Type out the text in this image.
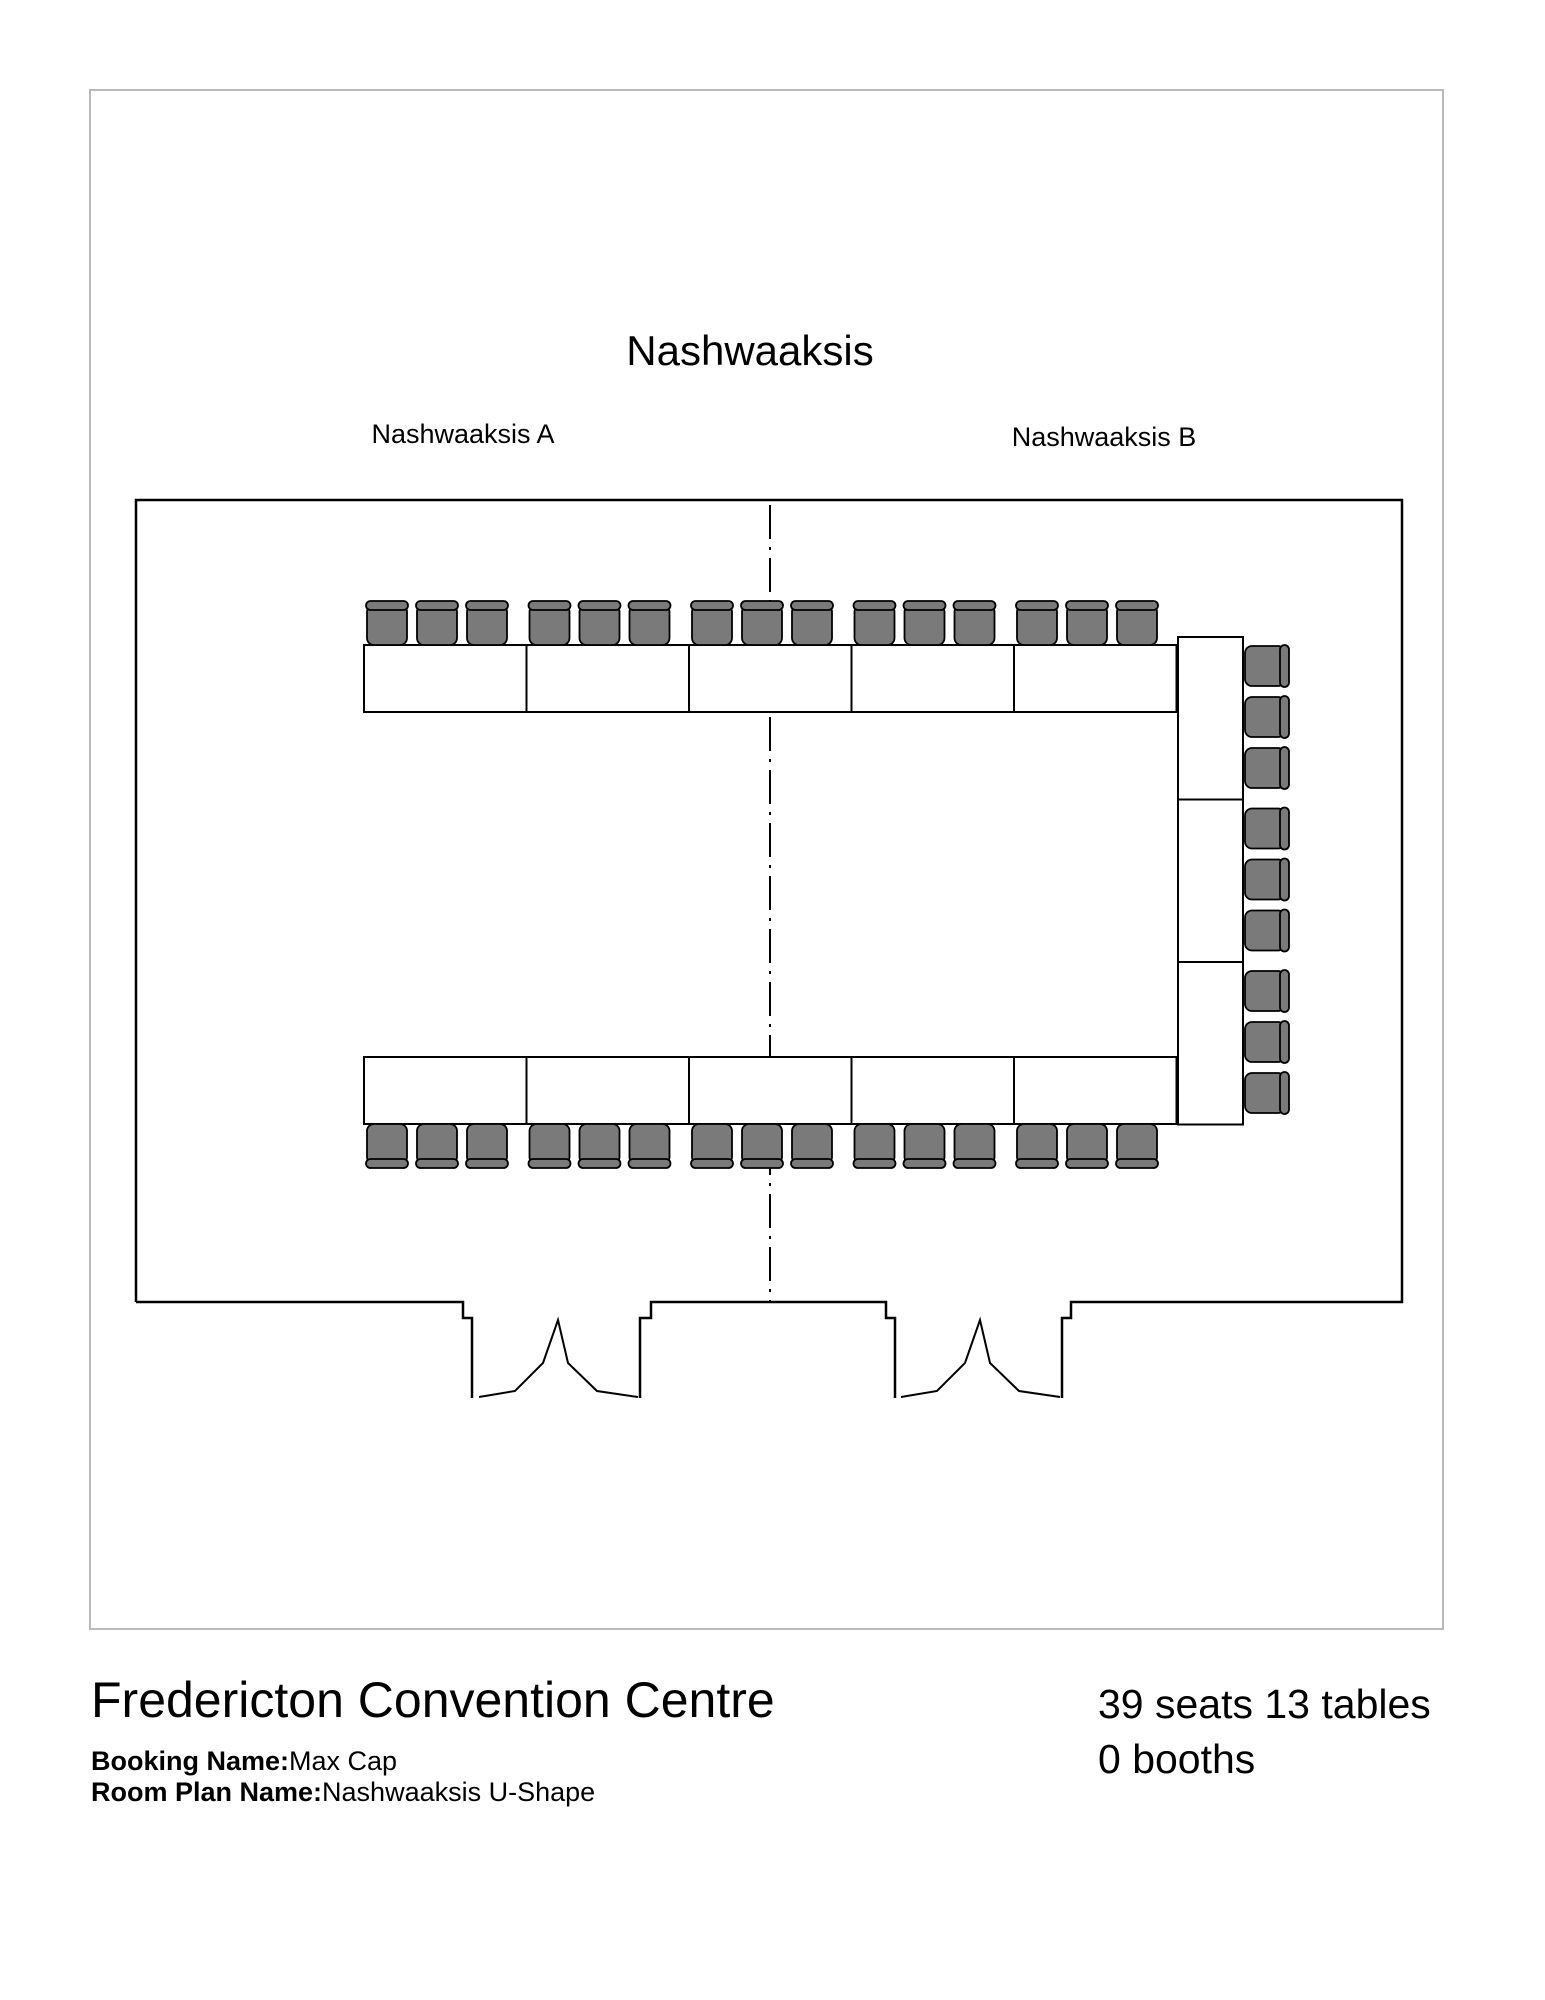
Nashwaaksis
Nashwaaksis A	Nashwaaksis B
Fredericton Convention Centre
Booking Name:Max Cap
Room Plan Name:Nashwaaksis U-Shape
39 seats 13 tables
0 booths
